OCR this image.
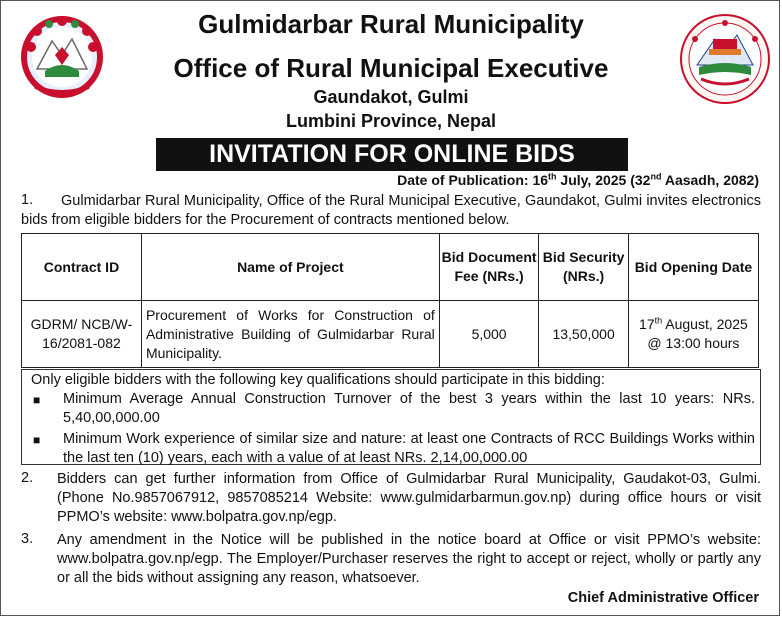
Gulmidarbar Rural Municipality
Office of Rural Municipal Executive
Gaundakot, Gulmi
Lumbini Province, Nepal
INVITATION FOR ONLINE BIDS
Date of Publication: 16th July, 2025 (32nd Aasadh, 2082)
1.	Gulmidarbar Rural Municipality, Office of the Rural Municipal Executive, Gaundakot, Gulmi invites electronics bids from eligible bidders for the Procurement of contracts mentioned below.
Contract ID	Name of Project	Bid Document Fee (NRs.)	Bid Security (NRs.)	Bid Opening Date
GDRM/ NCB/W- 16/2081-082	Procurement of Works for Construction of Administrative Building of Gulmidarbar Rural Municipality.	5,000	13,50,000	17th August, 2025
@ 13:00 hours
Only eligible bidders with the following key qualifications should participate in this bidding:
■ Minimum Average Annual Construction Turnover of the best 3 years within the last 10 years: NRs. 5,40,00,000.00
■ Minimum Work experience of similar size and nature: at least one Contracts of RCC Buildings Works within the last ten (10) years, each with a value of at least NRs. 2,14,00,000.00
2. Bidders can get further information from Office of Gulmidarbar Rural Municipality, Gaudakot-03, Gulmi. (Phone No.9857067912, 9857085214 Website: www.gulmidarbarmun.gov.np) during office hours or visit PPMO’s website: www.bolpatra.gov.np/egp.
3. Any amendment in the Notice will be published in the notice board at Office or visit PPMO’s website: www.bolpatra.gov.np/egp. The Employer/Purchaser reserves the right to accept or reject, wholly or partly any or all the bids without assigning any reason, whatsoever.
Chief Administrative Officer
